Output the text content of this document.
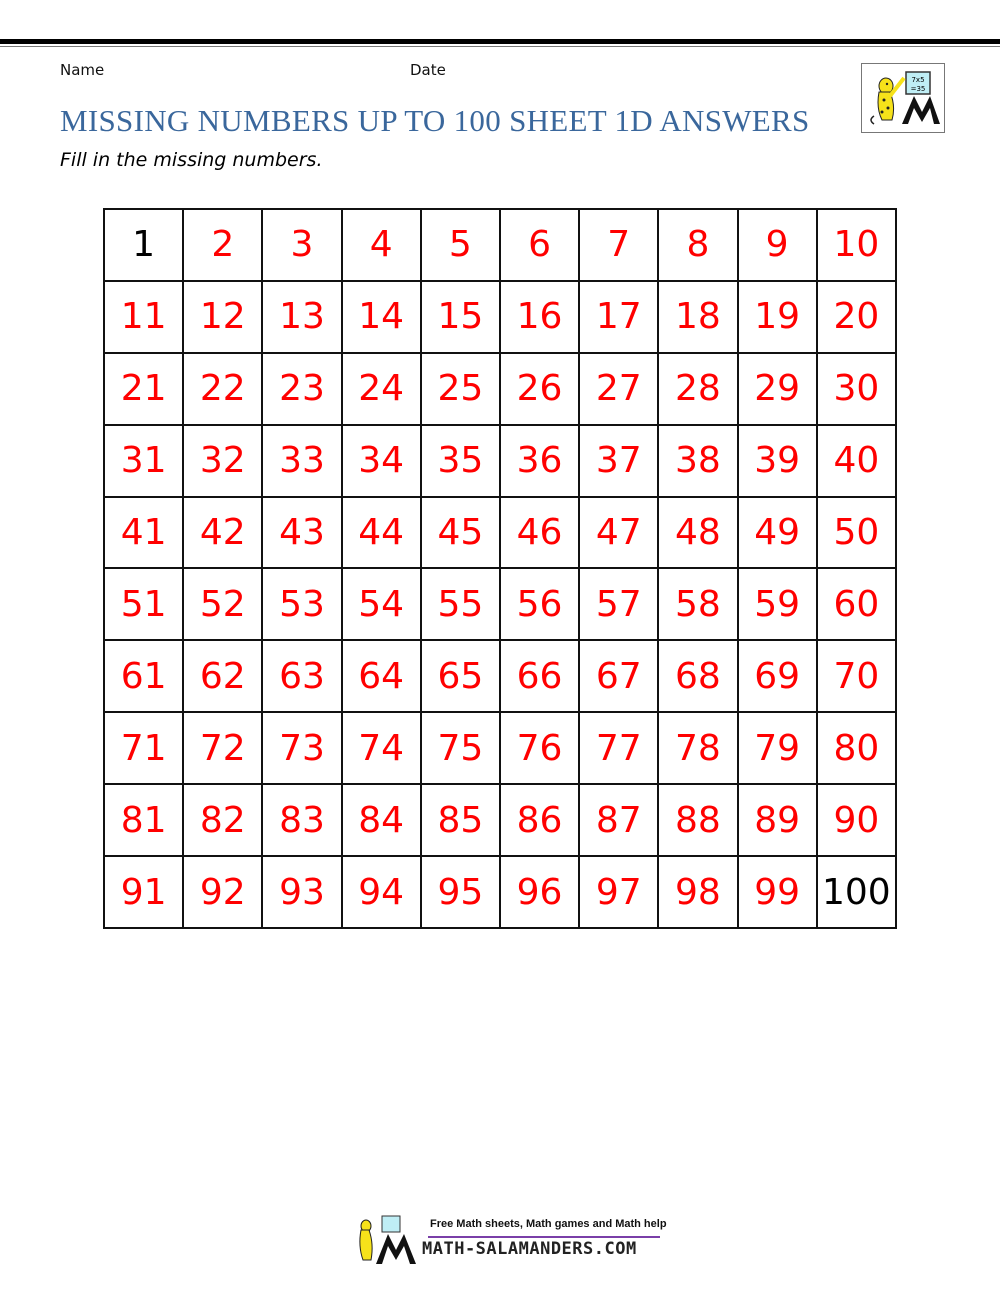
Name	Date
MISSING NUMBERS UP TO 100 SHEET 1D ANSWERS
Fill in the missing numbers.
7x5
=35
1	2	3	4	5	6	7	8	9	10
11	12	13	14	15	16	17	18	19	20
21	22	23	24	25	26	27	28	29	30
31	32	33	34	35	36	37	38	39	40
41	42	43	44	45	46	47	48	49	50
51	52	53	54	55	56	57	58	59	60
61	62	63	64	65	66	67	68	69	70
71	72	73	74	75	76	77	78	79	80
81	82	83	84	85	86	87	88	89	90
91	92	93	94	95	96	97	98	99	100
Free Math sheets, Math games and Math help
MATH-SALAMANDERS.COM
